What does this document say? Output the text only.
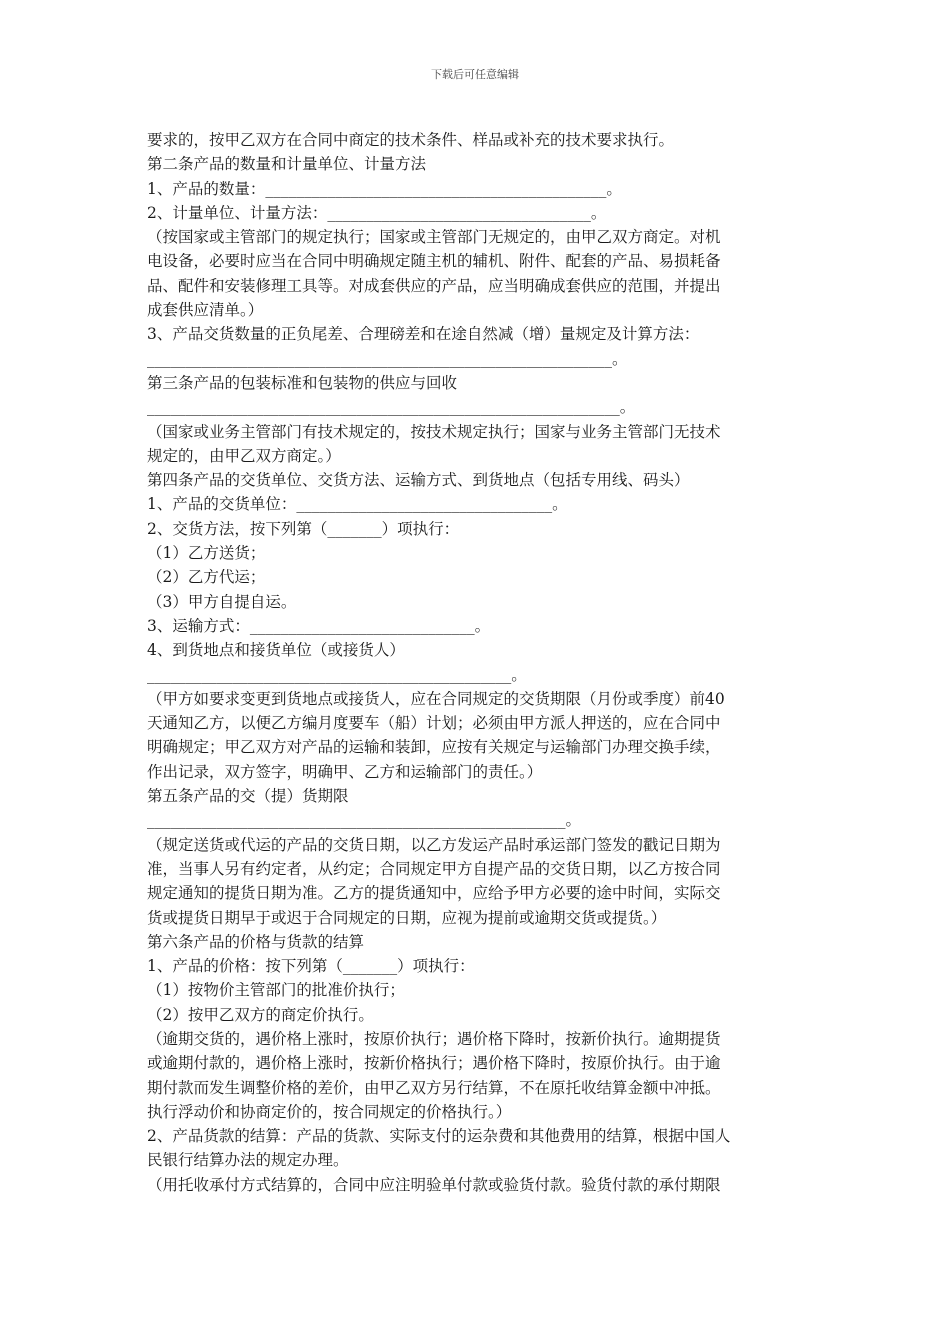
下载后可任意编辑
要求的，按甲乙双方在合同中商定的技术条件、样品或补充的技术要求执行。
第二条产品的数量和计量单位、计量方法
1、产品的数量：____________________________________________。
2、计量单位、计量方法：__________________________________。
（按国家或主管部门的规定执行；国家或主管部门无规定的，由甲乙双方商定。对机
电设备，必要时应当在合同中明确规定随主机的辅机、附件、配套的产品、易损耗备
品、配件和安装修理工具等。对成套供应的产品，应当明确成套供应的范围，并提出
成套供应清单。）
3、产品交货数量的正负尾差、合理磅差和在途自然减（增）量规定及计算方法：
____________________________________________________________。
第三条产品的包装标准和包装物的供应与回收
_____________________________________________________________。
（国家或业务主管部门有技术规定的，按技术规定执行；国家与业务主管部门无技术
规定的，由甲乙双方商定。）
第四条产品的交货单位、交货方法、运输方式、到货地点（包括专用线、码头）
1、产品的交货单位：_________________________________。
2、交货方法，按下列第（_______）项执行：
（1）乙方送货；
（2）乙方代运；
（3）甲方自提自运。
3、运输方式：_____________________________。
4、到货地点和接货单位（或接货人）
_______________________________________________。
（甲方如要求变更到货地点或接货人，应在合同规定的交货期限（月份或季度）前40
天通知乙方，以便乙方编月度要车（船）计划；必须由甲方派人押送的，应在合同中
明确规定；甲乙双方对产品的运输和装卸，应按有关规定与运输部门办理交换手续，
作出记录，双方签字，明确甲、乙方和运输部门的责任。）
第五条产品的交（提）货期限
______________________________________________________。
（规定送货或代运的产品的交货日期，以乙方发运产品时承运部门签发的戳记日期为
准，当事人另有约定者，从约定；合同规定甲方自提产品的交货日期，以乙方按合同
规定通知的提货日期为准。乙方的提货通知中，应给予甲方必要的途中时间，实际交
货或提货日期早于或迟于合同规定的日期，应视为提前或逾期交货或提货。）
第六条产品的价格与货款的结算
1、产品的价格：按下列第（_______）项执行：
（1）按物价主管部门的批准价执行；
（2）按甲乙双方的商定价执行。
（逾期交货的，遇价格上涨时，按原价执行；遇价格下降时，按新价执行。逾期提货
或逾期付款的，遇价格上涨时，按新价格执行；遇价格下降时，按原价执行。由于逾
期付款而发生调整价格的差价，由甲乙双方另行结算，不在原托收结算金额中冲抵。
执行浮动价和协商定价的，按合同规定的价格执行。）
2、产品货款的结算：产品的货款、实际支付的运杂费和其他费用的结算，根据中国人
民银行结算办法的规定办理。
（用托收承付方式结算的，合同中应注明验单付款或验货付款。验货付款的承付期限
